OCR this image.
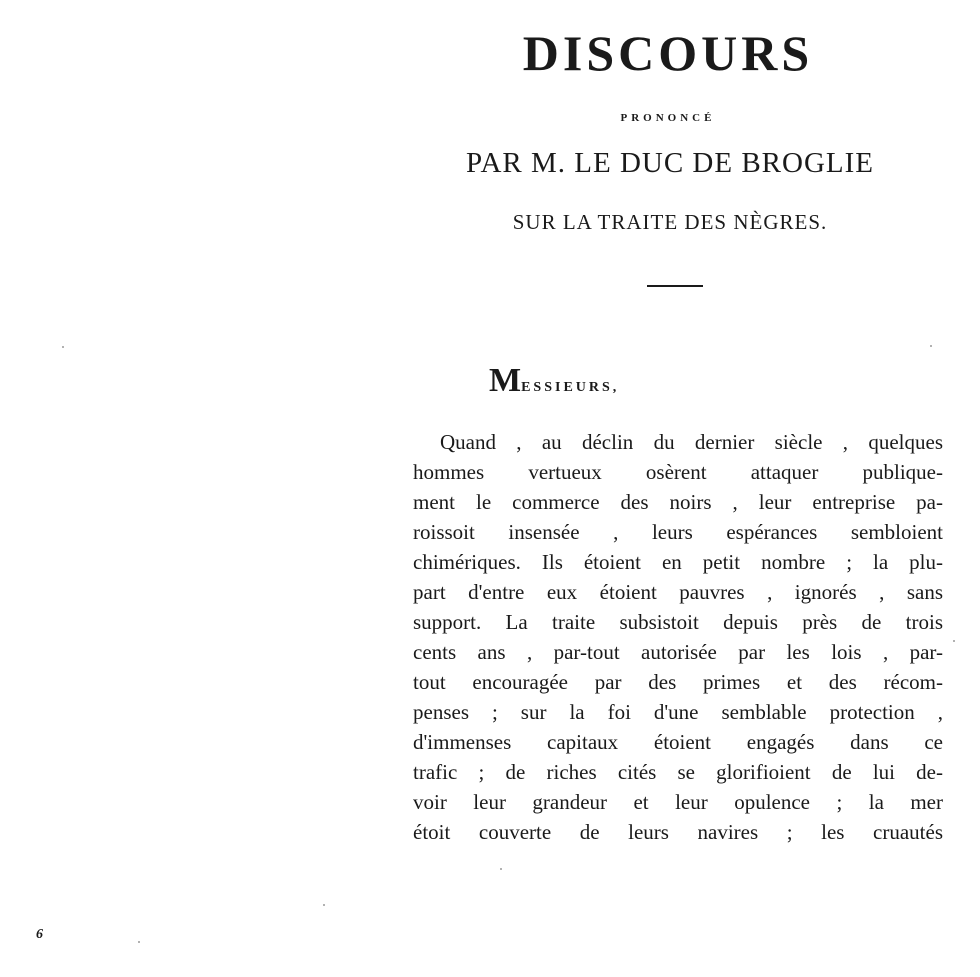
DISCOURS
PRONONCÉ
PAR M. LE DUC DE BROGLIE
SUR LA TRAITE DES NÈGRES.
MESSIEURS,
Quand , au déclin du dernier siècle , quelques
hommes vertueux osèrent attaquer publique-
ment le commerce des noirs , leur entreprise pa-
roissoit insensée , leurs espérances sembloient
chimériques. Ils étoient en petit nombre ; la plu-
part d'entre eux étoient pauvres , ignorés , sans
support. La traite subsistoit depuis près de trois
cents ans , par-tout autorisée par les lois , par-
tout encouragée par des primes et des récom-
penses ; sur la foi d'une semblable protection ,
d'immenses capitaux étoient engagés dans ce
trafic ; de riches cités se glorifioient de lui de-
voir leur grandeur et leur opulence ; la mer
étoit couverte de leurs navires ; les cruautés
6
